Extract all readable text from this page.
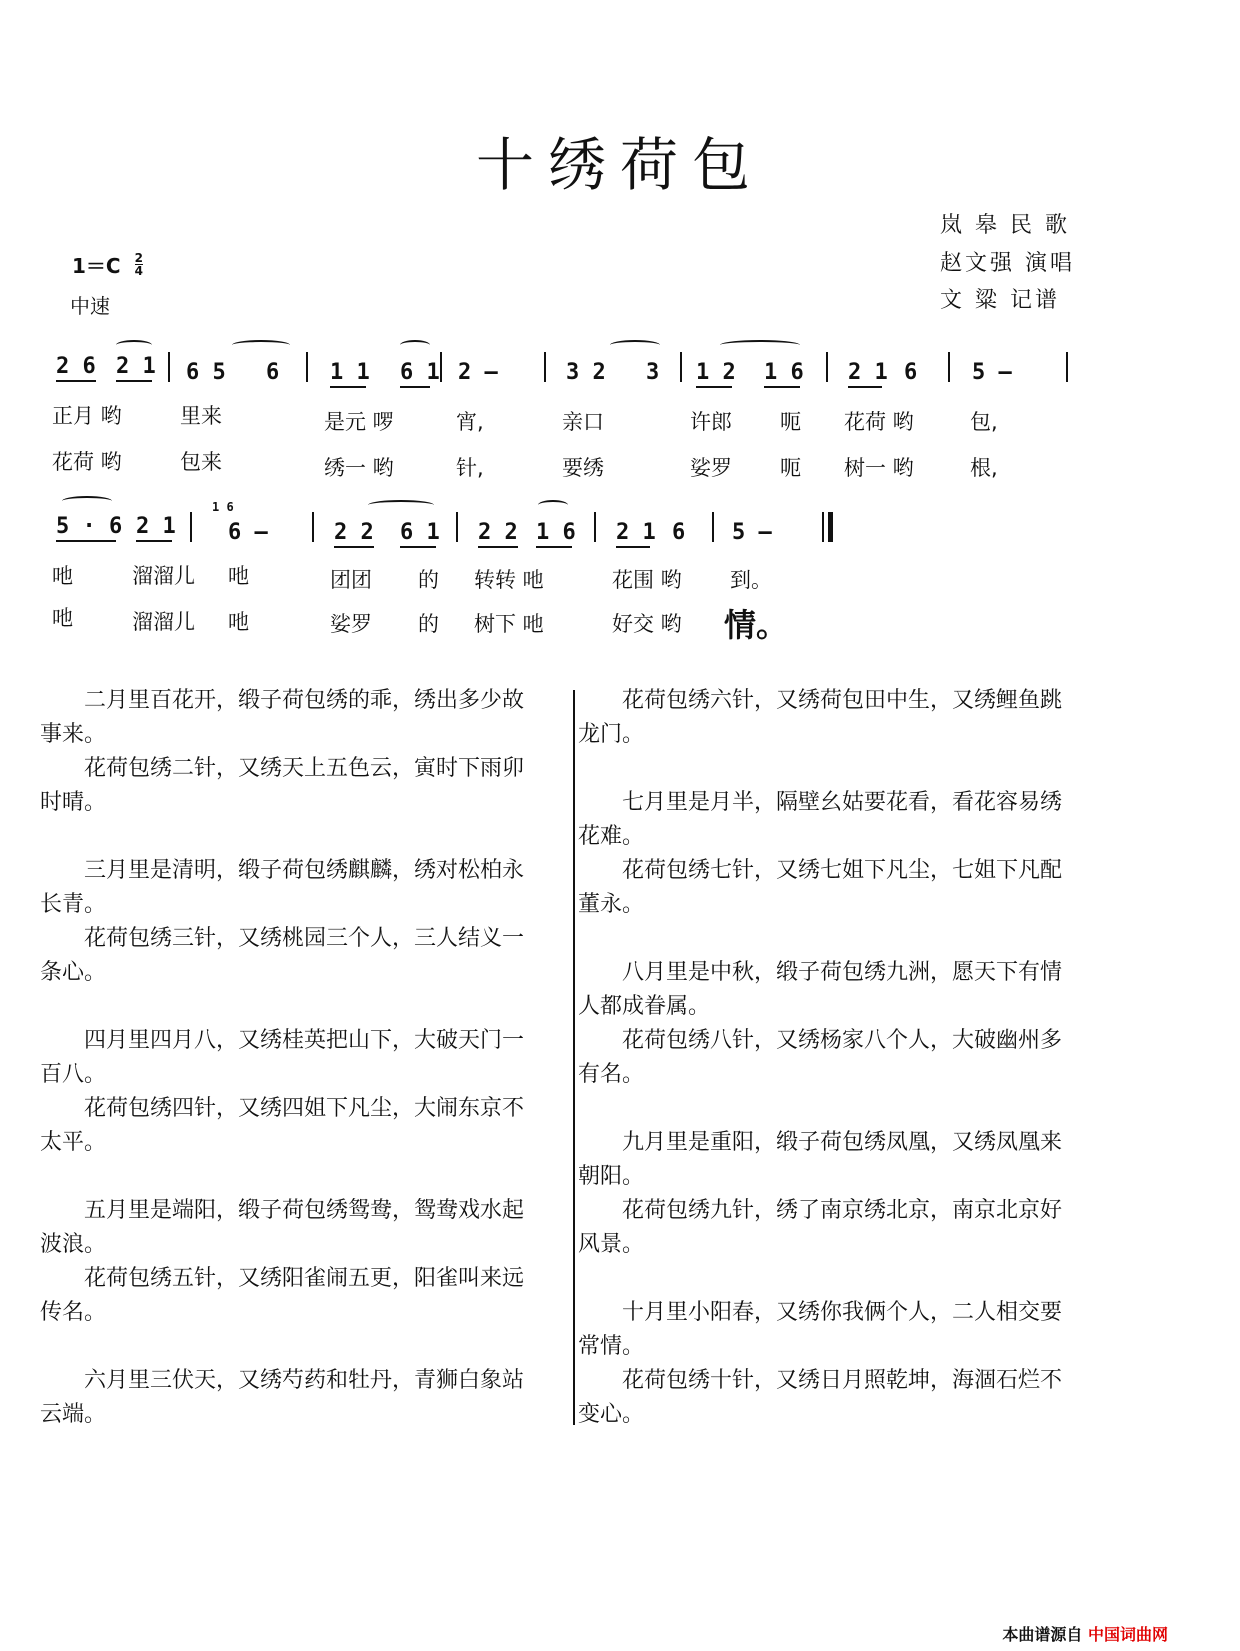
十绣荷包
岚 皋 民 歌
赵文强 演唱
文 粱 记谱
$1=C \frac{2}{4}$
中速
2 6 2 1 6 5 6 1 1 6 1 2 –	3 2 3 1 2 1 6 2 1 6 5 –
正月 哟	里来	是元 啰	宵,	亲口	许郎 呃 花荷 哟	包,
花荷 哟	包来	绣一 哟	针,	要绣	娑罗 呃 树一 哟	根,
5 · 6 2 1
1 6
6 –	2 2 6 1 2 2 1 6 2 1 6 5 –
吔	溜溜儿 吔	团团 的 转转 吔	花围 哟 到。
吔	溜溜儿 吔	娑罗 的 树下 吔	好交 哟 情。

二月里百花开，缎子荷包绣的乖，绣出多少故事来。

花荷包绣二针，又绣天上五色云，寅时下雨卯时晴。

三月里是清明，缎子荷包绣麒麟，绣对松柏永长青。

花荷包绣三针，又绣桃园三个人，三人结义一条心。

四月里四月八，又绣桂英把山下，大破天门一百八。

花荷包绣四针，又绣四姐下凡尘，大闹东京不太平。

五月里是端阳，缎子荷包绣鸳鸯，鸳鸯戏水起波浪。

花荷包绣五针，又绣阳雀闹五更，阳雀叫来远传名。

六月里三伏天，又绣芍药和牡丹，青狮白象站云端。

花荷包绣六针，又绣荷包田中生，又绣鲤鱼跳龙门。

七月里是月半，隔壁幺姑要花看，看花容易绣花难。

花荷包绣七针，又绣七姐下凡尘，七姐下凡配董永。

八月里是中秋，缎子荷包绣九洲，愿天下有情人都成眷属。

花荷包绣八针，又绣杨家八个人，大破幽州多有名。

九月里是重阳，缎子荷包绣凤凰，又绣凤凰来朝阳。

花荷包绣九针，绣了南京绣北京，南京北京好风景。

十月里小阳春，又绣你我俩个人，二人相交要常情。

花荷包绣十针，又绣日月照乾坤，海涸石烂不变心。

本曲谱源自 中国词曲网
